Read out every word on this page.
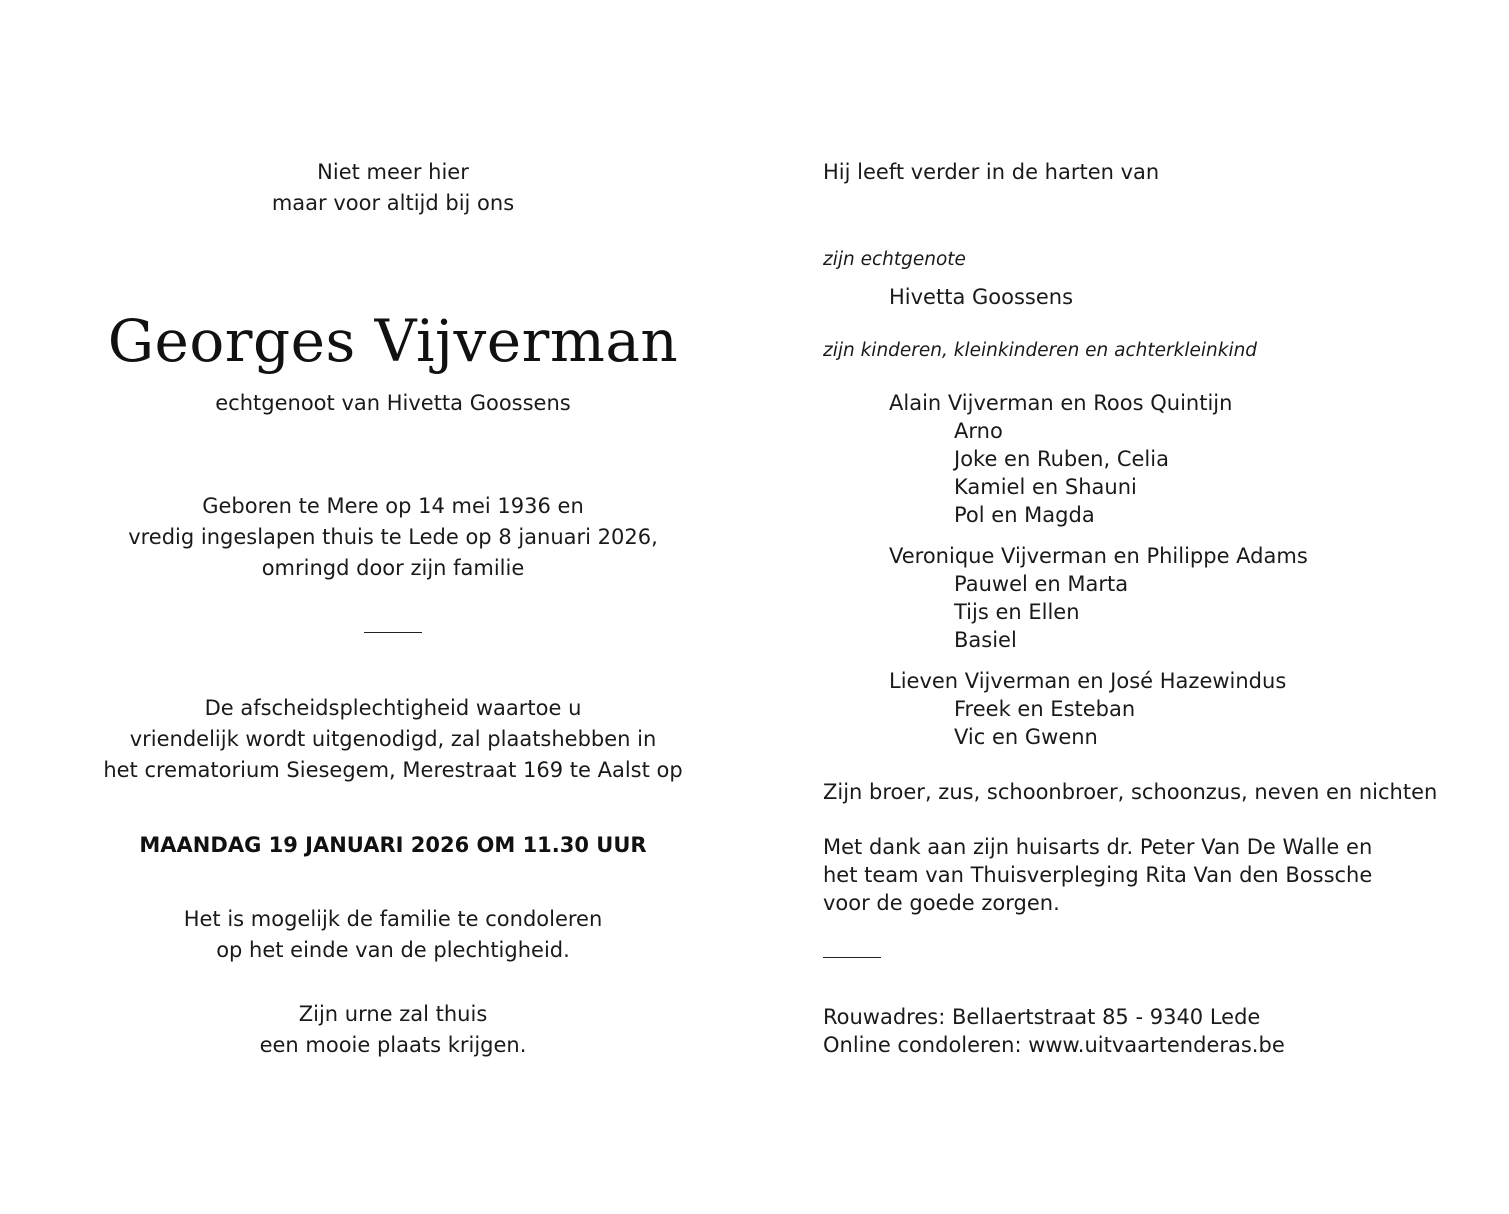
Niet meer hier
maar voor altijd bij ons
Georges Vijverman
echtgenoot van Hivetta Goossens
Geboren te Mere op 14 mei 1936 en
vredig ingeslapen thuis te Lede op 8 januari 2026,
omringd door zijn familie
De afscheidsplechtigheid waartoe u
vriendelijk wordt uitgenodigd, zal plaatshebben in
het crematorium Siesegem, Merestraat 169 te Aalst op
MAANDAG 19 JANUARI 2026 OM 11.30 UUR
Het is mogelijk de familie te condoleren
op het einde van de plechtigheid.
Zijn urne zal thuis
een mooie plaats krijgen.
Hij leeft verder in de harten van
zijn echtgenote
Hivetta Goossens
zijn kinderen, kleinkinderen en achterkleinkind
Alain Vijverman en Roos Quintijn
Arno
Joke en Ruben, Celia
Kamiel en Shauni
Pol en Magda
Veronique Vijverman en Philippe Adams
Pauwel en Marta
Tijs en Ellen
Basiel
Lieven Vijverman en José Hazewindus
Freek en Esteban
Vic en Gwenn
Zijn broer, zus, schoonbroer, schoonzus, neven en nichten
Met dank aan zijn huisarts dr. Peter Van De Walle en
het team van Thuisverpleging Rita Van den Bossche
voor de goede zorgen.
Rouwadres: Bellaertstraat 85 - 9340 Lede
Online condoleren: www.uitvaartenderas.be
